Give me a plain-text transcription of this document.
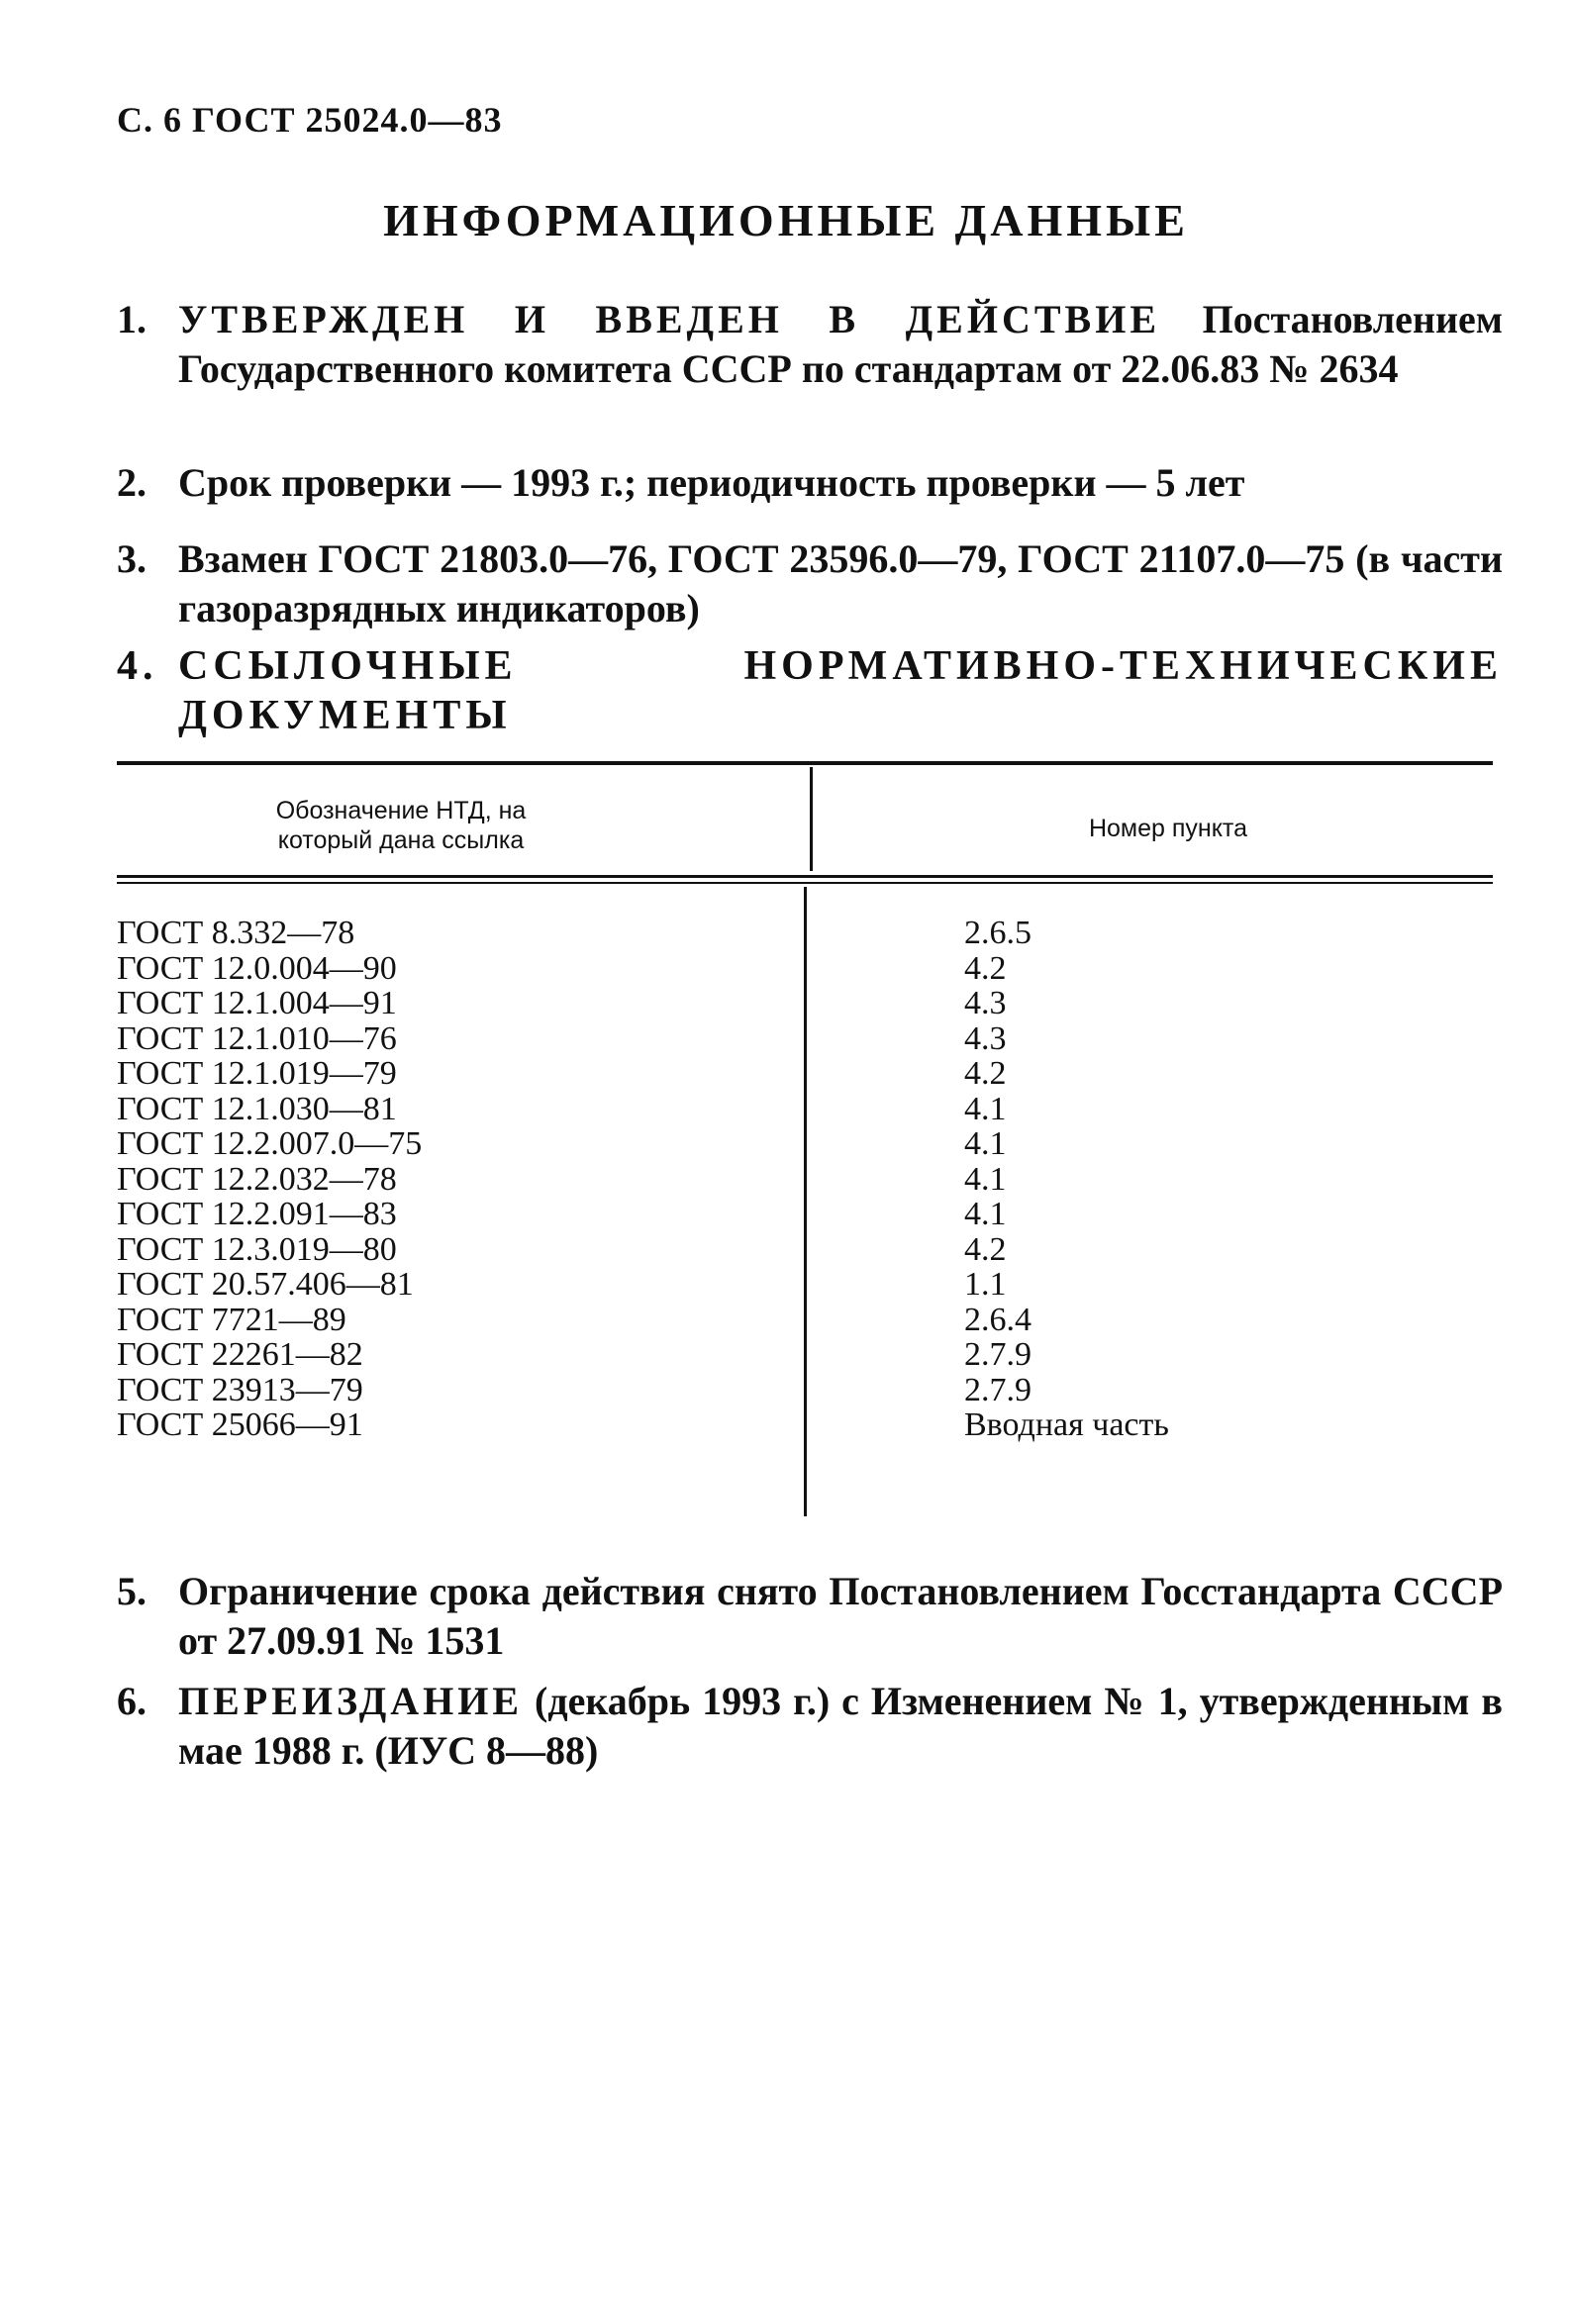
С. 6 ГОСТ 25024.0—83
ИНФОРМАЦИОННЫЕ ДАННЫЕ
1. УТВЕРЖДЕН И ВВЕДЕН В ДЕЙСТВИЕ Постановлением Государственного комитета СССР по стандартам от 22.06.83 № 2634
2. Срок проверки — 1993 г.; периодичность проверки — 5 лет
3. Взамен ГОСТ 21803.0—76, ГОСТ 23596.0—79, ГОСТ 21107.0—75 (в части газоразрядных индикаторов)
4. ССЫЛОЧНЫЕ НОРМАТИВНО-ТЕХНИЧЕСКИЕ ДОКУМЕНТЫ
Обозначение НТД, на который дана ссылка	Номер пункта
ГОСТ 8.332—78	2.6.5
ГОСТ 12.0.004—90	4.2
ГОСТ 12.1.004—91	4.3
ГОСТ 12.1.010—76	4.3
ГОСТ 12.1.019—79	4.2
ГОСТ 12.1.030—81	4.1
ГОСТ 12.2.007.0—75	4.1
ГОСТ 12.2.032—78	4.1
ГОСТ 12.2.091—83	4.1
ГОСТ 12.3.019—80	4.2
ГОСТ 20.57.406—81	1.1
ГОСТ 7721—89	2.6.4
ГОСТ 22261—82	2.7.9
ГОСТ 23913—79	2.7.9
ГОСТ 25066—91	Вводная часть
5. Ограничение срока действия снято Постановлением Госстандарта СССР от 27.09.91 № 1531
6. ПЕРЕИЗДАНИЕ (декабрь 1993 г.) с Изменением № 1, утвержденным в мае 1988 г. (ИУС 8—88)
